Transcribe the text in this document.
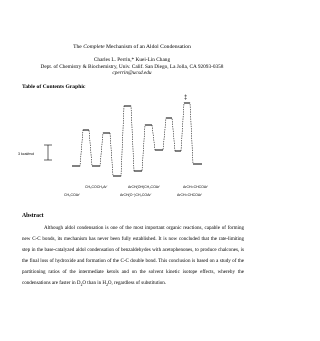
The Complete Mechanism of an Aldol Condensation
Charles L. Perrin,* Kuei-Lin Chang
Dept. of Chemistry & Biochemistry, Univ. Calif. San Diego, La Jolla, CA 92093-0358
cperrin@ucsd.edu
Table of Contents Graphic
3 kcal/mol
‡
CH₃COCH₂Ar′
CH₃COAr′
ArCH(OH)CH₂COAr′
ArCH(O⁻)CH₂COAr′
ArCH=CHCOAr′
ArCH=CHCOAr′
Abstract

Although aldol condensation is one of the most important organic reactions, capable of forming new C-C bonds, its mechanism has never been fully established. It is now concluded that the rate-limiting step in the base-catalyzed aldol condensation of benzaldehydes with acetophenones, to produce chalcones, is the final loss of hydroxide and formation of the C-C double bond. This conclusion is based on a study of the partitioning ratios of the intermediate ketols and on the solvent kinetic isotope effects, whereby the condensations are faster in $D_2O$ than in $H_2O$, regardless of substitution.
